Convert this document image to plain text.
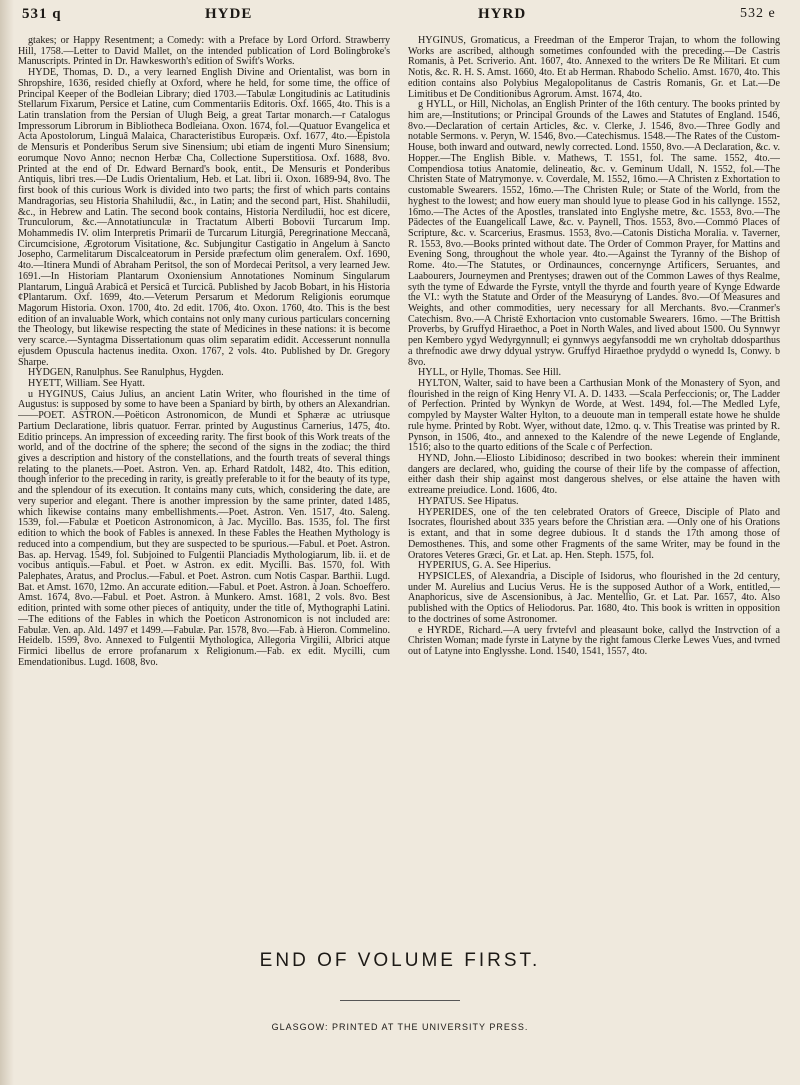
531 q	HYDE	HYRD	532 e

gtakes; or Happy Resentment; a Comedy: with a Preface by Lord Orford. Strawberry Hill, 1758.—Letter to David Mallet, on the intended publication of Lord Bolingbroke's Manuscripts. Printed in Dr. Hawkesworth's edition of Swift's Works.

HYDE, Thomas, D. D., a very learned English Divine and Orientalist, was born in Shropshire, 1636, resided chiefly at Oxford, where he held, for some time, the office of Principal Keeper of the Bodleian Library; died 1703.—Tabulæ Longitudinis ac Latitudinis Stellarum Fixarum, Persice et Latine, cum Commentariis Editoris. Oxf. 1665, 4to. This is a Latin translation from the Persian of Ulugh Beig, a great Tartar monarch.—r Catalogus Impressorum Librorum in Bibliotheca Bodleiana. Oxon. 1674, fol.—Quatuor Evangelica et Acta Apostolorum, Linguâ Malaica, Characteristibus Europæis. Oxf. 1677, 4to.—Epistola de Mensuris et Ponderibus Serum sive Sinensium; ubi etiam de ingenti Muro Sinensium; eorumque Novo Anno; necnon Herbæ Cha, Collectione Superstitiosa. Oxf. 1688, 8vo. Printed at the end of Dr. Edward Bernard's book, entit., De Mensuris et Ponderibus Antiquis, libri tres.—De Ludis Orientalium, Heb. et Lat. libri ii. Oxon. 1689-94, 8vo. The first book of this curious Work is divided into two parts; the first of which parts contains Mandragorias, seu Historia Shahiludii, &c., in Latin; and the second part, Hist. Shahiludii, &c., in Hebrew and Latin. The second book contains, Historia Nerdiludii, hoc est dicere, Trunculorum, &c.—Annotatiunculæ in Tractatum Alberti Bobovii Turcarum Imp. Mohammedis IV. olim Interpretis Primarii de Turcarum Liturgiâ, Peregrinatione Meccanâ, Circumcisione, Ægrotorum Visitatione, &c. Subjungitur Castigatio in Angelum à Sancto Josepho, Carmelitarum Discalceatorum in Perside præfectum olim generalem. Oxf. 1690, 4to.—Itinera Mundi of Abraham Peritsol, the son of Mordecai Peritsol, a very learned Jew. 1691.—In Historiam Plantarum Oxoniensium Annotationes Nominum Singularum Plantarum, Linguâ Arabicâ et Persicâ et Turcicâ. Published by Jacob Bobart, in his Historia ¢Plantarum. Oxf. 1699, 4to.—Veterum Persarum et Medorum Religionis eorumque Magorum Historia. Oxon. 1700, 4to. 2d edit. 1706, 4to. Oxon. 1760, 4to. This is the best edition of an invaluable Work, which contains not only many curious particulars concerning the Theology, but likewise respecting the state of Medicines in these nations: it is become very scarce.—Syntagma Dissertationum quas olim separatim edidit. Accesserunt nonnulla ejusdem Opuscula hactenus inedita. Oxon. 1767, 2 vols. 4to. Published by Dr. Gregory Sharpe.

HYDGEN, Ranulphus. See Ranulphus, Hygden.

HYETT, William. See Hyatt.

u HYGINUS, Caius Julius, an ancient Latin Writer, who flourished in the time of Augustus: is supposed by some to have been a Spaniard by birth, by others an Alexandrian.——POET. ASTRON.—Poëticon Astronomicon, de Mundi et Sphæræ ac utriusque Partium Declaratione, libris quatuor. Ferrar. printed by Augustinus Carnerius, 1475, 4to. Editio princeps. An impression of exceeding rarity. The first book of this Work treats of the world, and of the doctrine of the sphere; the second of the signs in the zodiac; the third gives a description and history of the constellations, and the fourth treats of several things relating to the planets.—Poet. Astron. Ven. ap. Erhard Ratdolt, 1482, 4to. This edition, though inferior to the preceding in rarity, is greatly preferable to it for the beauty of its type, and the splendour of its execution. It contains many cuts, which, considering the date, are very superior and elegant. There is another impression by the same printer, dated 1485, which likewise contains many embellishments.—Poet. Astron. Ven. 1517, 4to. Saleng. 1539, fol.—Fabulæ et Poeticon Astronomicon, à Jac. Mycillo. Bas. 1535, fol. The first edition to which the book of Fables is annexed. In these Fables the Heathen Mythology is reduced into a compendium, but they are suspected to be spurious.—Fabul. et Poet. Astron. Bas. ap. Hervag. 1549, fol. Subjoined to Fulgentii Planciadis Mythologiarum, lib. ii. et de vocibus antiquis.—Fabul. et Poet. w Astron. ex edit. Mycilli. Bas. 1570, fol. With Palephates, Aratus, and Proclus.—Fabul. et Poet. Astron. cum Notis Caspar. Barthii. Lugd. Bat. et Amst. 1670, 12mo. An accurate edition.—Fabul. et Poet. Astron. à Joan. Schoeffero. Amst. 1674, 8vo.—Fabul. et Poet. Astron. à Munkero. Amst. 1681, 2 vols. 8vo. Best edition, printed with some other pieces of antiquity, under the title of, Mythographi Latini.—The editions of the Fables in which the Poeticon Astronomicon is not included are: Fabulæ. Ven. ap. Ald. 1497 et 1499.—Fabulæ. Par. 1578, 8vo.—Fab. à Hieron. Commelino. Heidelb. 1599, 8vo. Annexed to Fulgentii Mythologica, Allegoria Virgilii, Albrici atque Firmici libellus de errore profanarum x Religionum.—Fab. ex edit. Mycilli, cum Emendationibus. Lugd. 1608, 8vo.

HYGINUS, Gromaticus, a Freedman of the Emperor Trajan, to whom the following Works are ascribed, although sometimes confounded with the preceding.—De Castris Romanis, à Pet. Scriverio. Ant. 1607, 4to. Annexed to the writers De Re Militari. Et cum Notis, &c. R. H. S. Amst. 1660, 4to. Et ab Herman. Rhabodo Schelio. Amst. 1670, 4to. This edition contains also Polybius Megalopolitanus de Castris Romanis, Gr. et Lat.—De Limitibus et De Conditionibus Agrorum. Amst. 1674, 4to.

g HYLL, or Hill, Nicholas, an English Printer of the 16th century. The books printed by him are,—Institutions; or Principal Grounds of the Lawes and Statutes of England. 1546, 8vo.—Declaration of certain Articles, &c. v. Clerke, J. 1546, 8vo.—Three Godly and notable Sermons. v. Peryn, W. 1546, 8vo.—Catechismus. 1548.—The Rates of the Custom-House, both inward and outward, newly corrected. Lond. 1550, 8vo.—A Declaration, &c. v. Hopper.—The English Bible. v. Mathews, T. 1551, fol. The same. 1552, 4to.—Compendiosa totius Anatomie, delineatio, &c. v. Geminum Udall, N. 1552, fol.—The Christen State of Matrymonye. v. Coverdale, M. 1552, 16mo.—A Christen z Exhortation to customable Swearers. 1552, 16mo.—The Christen Rule; or State of the World, from the hyghest to the lowest; and how euery man should lyue to please God in his callynge. 1552, 16mo.—The Actes of the Apostles, translated into Englyshe metre, &c. 1553, 8vo.—The Pädectes of the Euangelicall Lawe, &c. v. Paynell, Thos. 1553, 8vo.—Commó Places of Scripture, &c. v. Scarcerius, Erasmus. 1553, 8vo.—Catonis Disticha Moralia. v. Taverner, R. 1553, 8vo.—Books printed without date. The Order of Common Prayer, for Mattins and Evening Song, throughout the whole year. 4to.—Against the Tyranny of the Bishop of Rome. 4to.—The Statutes, or Ordinaunces, concernynge Artificers, Seruantes, and Laabourers, Journeymen and Prentyses; drawen out of the Common Lawes of thys Realme, syth the tyme of Edwarde the Fyrste, vntyll the thyrde and fourth yeare of Kynge Edwarde the VI.: wyth the Statute and Order of the Measuryng of Landes. 8vo.—Of Measures and Weights, and other commodities, uery necessary for all Merchants. 8vo.—Cranmer's Catechism. 8vo.—A Christë Exhortacion vnto customable Swearers. 16mo. —The Brittish Proverbs, by Gruffyd Hiraethoc, a Poet in North Wales, and lived about 1500. Ou Synnwyr pen Kembero ygyd Wedyrgynnull; ei gynnwys aegyfansoddi me wn cryholtab ddosparthus a threfnodic awe drwy ddyual ystryw. Gruffyd Hiraethoe prydydd o wynedd Is, Conwy. b 8vo.

HYLL, or Hylle, Thomas. See Hill.

HYLTON, Walter, said to have been a Carthusian Monk of the Monastery of Syon, and flourished in the reign of King Henry VI. A. D. 1433. —Scala Perfeccionis; or, The Ladder of Perfection. Printed by Wynkyn de Worde, at West. 1494, fol.—The Medled Lyfe, compyled by Mayster Walter Hylton, to a deuoute man in temperall estate howe he shulde rule hyme. Printed by Robt. Wyer, without date, 12mo. q. v. This Treatise was printed by R. Pynson, in 1506, 4to., and annexed to the Kalendre of the newe Legende of Englande, 1516; also to the quarto editions of the Scale c of Perfection.

HYND, John.—Eliosto Libidinoso; described in two bookes: wherein their imminent dangers are declared, who, guiding the course of their life by the compasse of affection, either dash their ship against most dangerous shelves, or else attaine the haven with extreame preiudice. Lond. 1606, 4to.

HYPATUS. See Hipatus.

HYPERIDES, one of the ten celebrated Orators of Greece, Disciple of Plato and Isocrates, flourished about 335 years before the Christian æra. —Only one of his Orations is extant, and that in some degree dubious. It d stands the 17th among those of Demosthenes. This, and some other Fragments of the same Writer, may be found in the Oratores Veteres Græci, Gr. et Lat. ap. Hen. Steph. 1575, fol.

HYPERIUS, G. A. See Hiperius.

HYPSICLES, of Alexandria, a Disciple of Isidorus, who flourished in the 2d century, under M. Aurelius and Lucius Verus. He is the supposed Author of a Work, entitled,—Anaphoricus, sive de Ascensionibus, à Jac. Mentellio, Gr. et Lat. Par. 1657, 4to. Also published with the Optics of Heliodorus. Par. 1680, 4to. This book is written in opposition to the doctrines of some Astronomer.

e HYRDE, Richard.—A uery frvtefvl and pleasaunt boke, callyd the Instrvction of a Christen Woman; made fyrste in Latyne by the right famous Clerke Lewes Vues, and tvrned out of Latyne into Englysshe. Lond. 1540, 1541, 1557, 4to.

END OF VOLUME FIRST.
GLASGOW: PRINTED AT THE UNIVERSITY PRESS.
